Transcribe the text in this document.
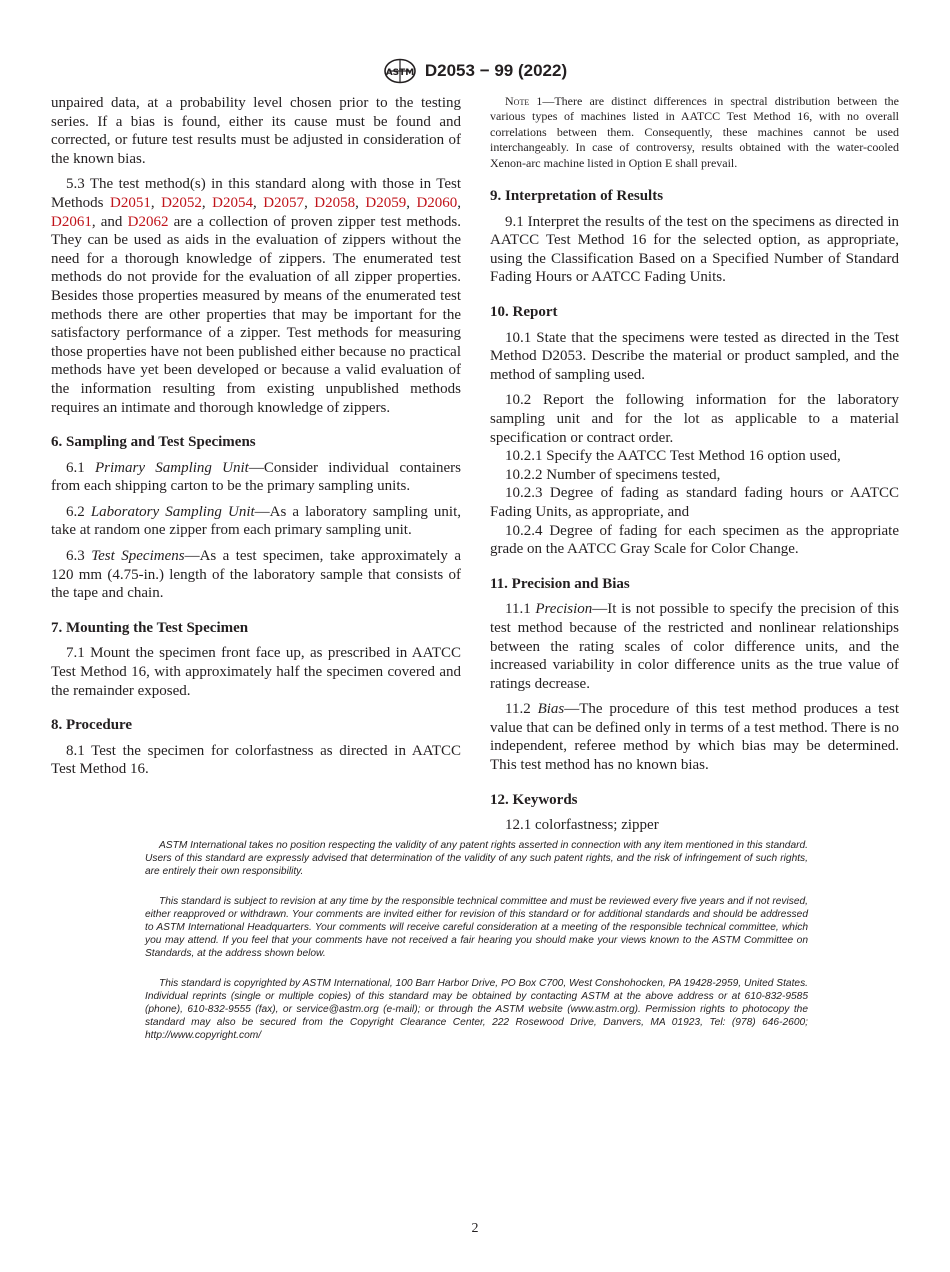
ASTM D2053 − 99 (2022)

unpaired data, at a probability level chosen prior to the testing series. If a bias is found, either its cause must be found and corrected, or future test results must be adjusted in consideration of the known bias.

5.3 The test method(s) in this standard along with those in Test Methods D2051, D2052, D2054, D2057, D2058, D2059, D2060, D2061, and D2062 are a collection of proven zipper test methods. They can be used as aids in the evaluation of zippers without the need for a thorough knowledge of zippers. The enumerated test methods do not provide for the evaluation of all zipper properties. Besides those properties measured by means of the enumerated test methods there are other properties that may be important for the satisfactory performance of a zipper. Test methods for measuring those properties have not been published either because no practical methods have yet been developed or because a valid evaluation of the information resulting from existing unpublished methods requires an intimate and thorough knowledge of zippers.

6. Sampling and Test Specimens

6.1 Primary Sampling Unit—Consider individual containers from each shipping carton to be the primary sampling units.

6.2 Laboratory Sampling Unit—As a laboratory sampling unit, take at random one zipper from each primary sampling unit.

6.3 Test Specimens—As a test specimen, take approximately a 120 mm (4.75-in.) length of the laboratory sample that consists of the tape and chain.

7. Mounting the Test Specimen

7.1 Mount the specimen front face up, as prescribed in AATCC Test Method 16, with approximately half the specimen covered and the remainder exposed.

8. Procedure

8.1 Test the specimen for colorfastness as directed in AATCC Test Method 16.

Note 1—There are distinct differences in spectral distribution between the various types of machines listed in AATCC Test Method 16, with no overall correlations between them. Consequently, these machines cannot be used interchangeably. In case of controversy, results obtained with the water-cooled Xenon-arc machine listed in Option E shall prevail.

9. Interpretation of Results

9.1 Interpret the results of the test on the specimens as directed in AATCC Test Method 16 for the selected option, as appropriate, using the Classification Based on a Specified Number of Standard Fading Hours or AATCC Fading Units.

10. Report

10.1 State that the specimens were tested as directed in the Test Method D2053. Describe the material or product sampled, and the method of sampling used.

10.2 Report the following information for the laboratory sampling unit and for the lot as applicable to a material specification or contract order.

10.2.1 Specify the AATCC Test Method 16 option used,

10.2.2 Number of specimens tested,

10.2.3 Degree of fading as standard fading hours or AATCC Fading Units, as appropriate, and

10.2.4 Degree of fading for each specimen as the appropriate grade on the AATCC Gray Scale for Color Change.

11. Precision and Bias

11.1 Precision—It is not possible to specify the precision of this test method because of the restricted and nonlinear relationships between the rating scales of color difference units, and the increased variability in color difference units as the true value of ratings decrease.

11.2 Bias—The procedure of this test method produces a test value that can be defined only in terms of a test method. There is no independent, referee method by which bias may be determined. This test method has no known bias.

12. Keywords

12.1 colorfastness; zipper

ASTM International takes no position respecting the validity of any patent rights asserted in connection with any item mentioned in this standard. Users of this standard are expressly advised that determination of the validity of any such patent rights, and the risk of infringement of such rights, are entirely their own responsibility.

This standard is subject to revision at any time by the responsible technical committee and must be reviewed every five years and if not revised, either reapproved or withdrawn. Your comments are invited either for revision of this standard or for additional standards and should be addressed to ASTM International Headquarters. Your comments will receive careful consideration at a meeting of the responsible technical committee, which you may attend. If you feel that your comments have not received a fair hearing you should make your views known to the ASTM Committee on Standards, at the address shown below.

This standard is copyrighted by ASTM International, 100 Barr Harbor Drive, PO Box C700, West Conshohocken, PA 19428-2959, United States. Individual reprints (single or multiple copies) of this standard may be obtained by contacting ASTM at the above address or at 610-832-9585 (phone), 610-832-9555 (fax), or service@astm.org (e-mail); or through the ASTM website (www.astm.org). Permission rights to photocopy the standard may also be secured from the Copyright Clearance Center, 222 Rosewood Drive, Danvers, MA 01923, Tel: (978) 646-2600; http://www.copyright.com/

2
